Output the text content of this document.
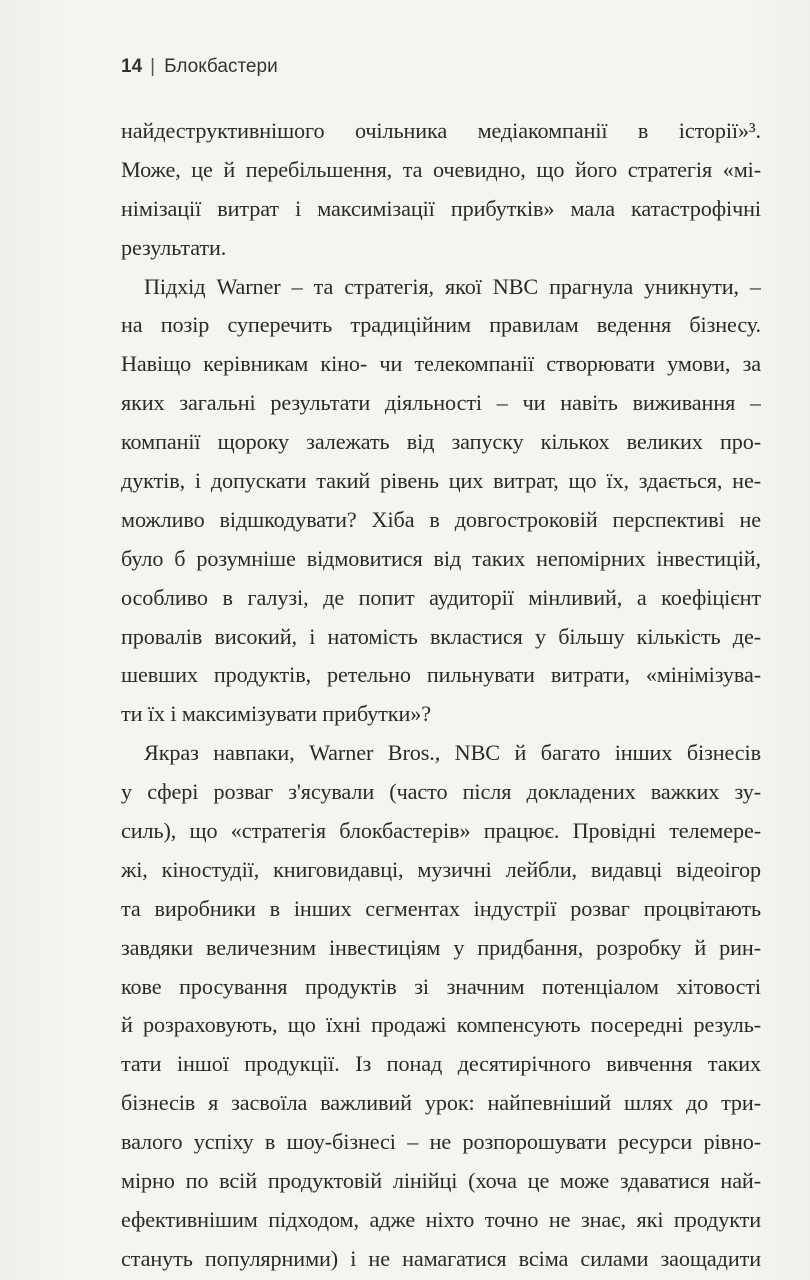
14 | Блокбастери
найдеструктивнішого очільника медіакомпанії в історії»³.
Може, це й перебільшення, та очевидно, що його стратегія «мі-
німізації витрат і максимізації прибутків» мала катастрофічні
результати.
Підхід Warner – та стратегія, якої NBC прагнула уникнути, –
на позір суперечить традиційним правилам ведення бізнесу.
Навіщо керівникам кіно- чи телекомпанії створювати умови, за
яких загальні результати діяльності – чи навіть виживання –
компанії щороку залежать від запуску кількох великих про-
дуктів, і допускати такий рівень цих витрат, що їх, здається, не-
можливо відшкодувати? Хіба в довгостроковій перспективі не
було б розумніше відмовитися від таких непомірних інвестицій,
особливо в галузі, де попит аудиторії мінливий, а коефіцієнт
провалів високий, і натомість вкластися у більшу кількість де-
шевших продуктів, ретельно пильнувати витрати, «мінімізува-
ти їх і максимізувати прибутки»?
Якраз навпаки, Warner Bros., NBC й багато інших бізнесів
у сфері розваг з'ясували (часто після докладених важких зу-
силь), що «стратегія блокбастерів» працює. Провідні телемере-
жі, кіностудії, книговидавці, музичні лейбли, видавці відеоігор
та виробники в інших сегментах індустрії розваг процвітають
завдяки величезним інвестиціям у придбання, розробку й рин-
кове просування продуктів зі значним потенціалом хітовості
й розраховують, що їхні продажі компенсують посередні резуль-
тати іншої продукції. Із понад десятирічного вивчення таких
бізнесів я засвоїла важливий урок: найпевніший шлях до три-
валого успіху в шоу-бізнесі – не розпорошувати ресурси рівно-
мірно по всій продуктовій лінійці (хоча це може здаватися най-
ефективнішим підходом, адже ніхто точно не знає, які продукти
стануть популярними) і не намагатися всіма силами заощадити
